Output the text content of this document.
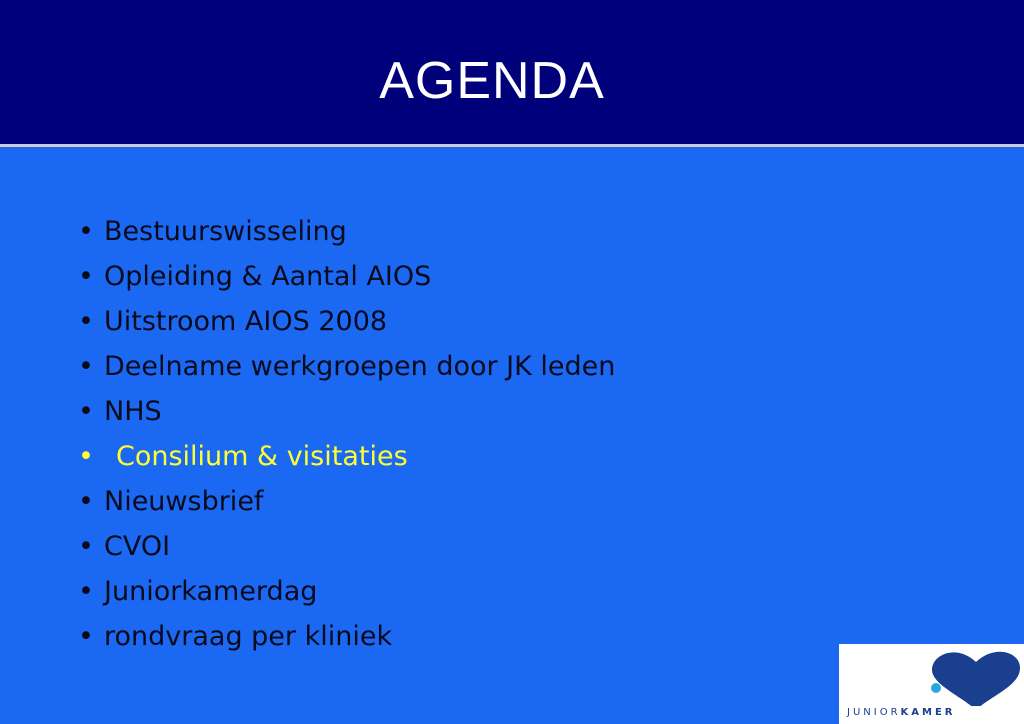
AGENDA
• Bestuurswisseling
• Opleiding & Aantal AIOS
• Uitstroom AIOS 2008
• Deelname werkgroepen door JK leden
• NHS
• Consilium & visitaties
• Nieuwsbrief
• CVOI
• Juniorkamerdag
• rondvraag per kliniek
JUNIORKAMER
